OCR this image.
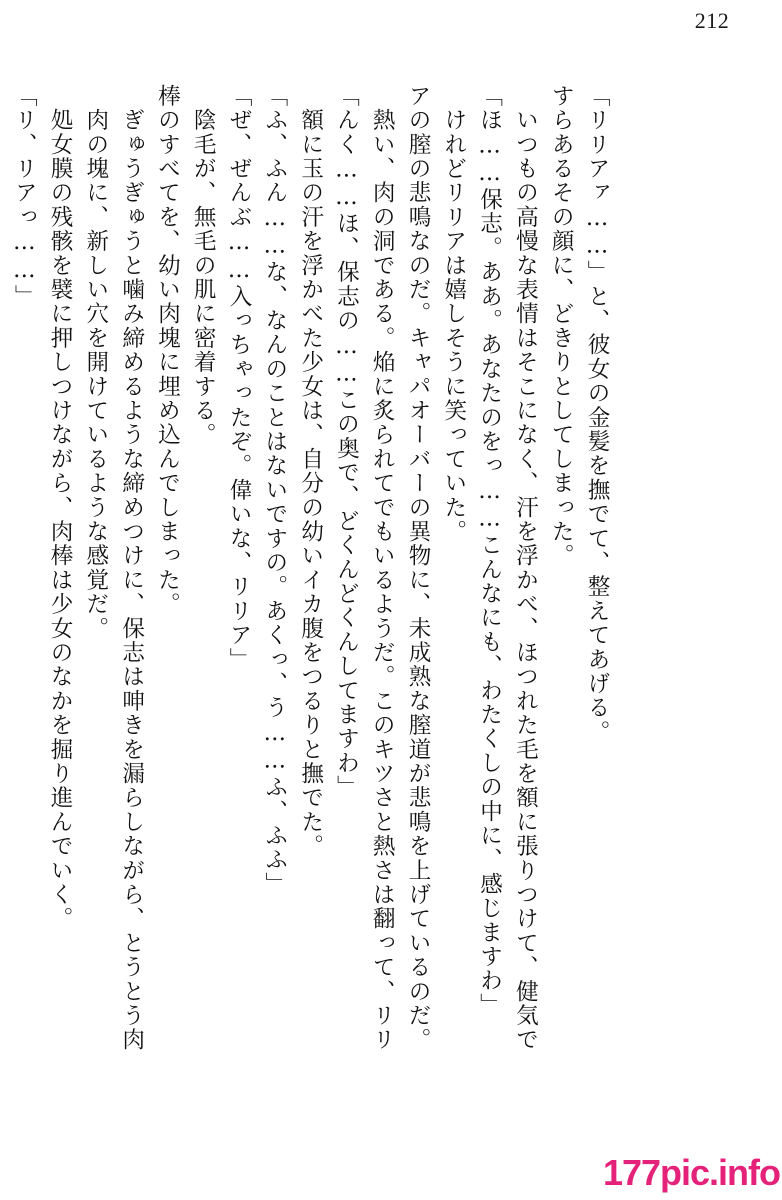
212

「リリアァ……」と、彼女の金髪を撫でて、整えてあげる。

すらあるその顔に、どきりとしてしまった。

　いつもの高慢な表情はそこになく、汗を浮かべ、ほつれた毛を額に張りつけて、健気で

「ほ……保志。ああ。あなたのをっ……こんなにも、わたくしの中に、感じますわ」

　けれどリリアは嬉しそうに笑っていた。

アの膣の悲鳴なのだ。キャパオーバーの異物に、未成熟な膣道が悲鳴を上げているのだ。

　熱い、肉の洞である。焔に炙られてでもいるようだ。このキツさと熱さは翻って、リリ

「んく……ほ、保志の……この奥で、どくんどくんしてますわ」

　額に玉の汗を浮かべた少女は、自分の幼いイカ腹をつるりと撫でた。

「ふ、ふん……な、なんのことはないですの。あくっ、う……ふ、ふふ」

「ぜ、ぜんぶ……入っちゃったぞ。偉いな、リリア」

　陰毛が、無毛の肌に密着する。

棒のすべてを、幼い肉塊に埋め込んでしまった。

　ぎゅうぎゅうと噛み締めるような締めつけに、保志は呻きを漏らしながら、とうとう肉

　肉の塊に、新しい穴を開けているような感覚だ。

　処女膜の残骸を襞に押しつけながら、肉棒は少女のなかを掘り進んでいく。

「リ、リアっ……」

177pic.info
